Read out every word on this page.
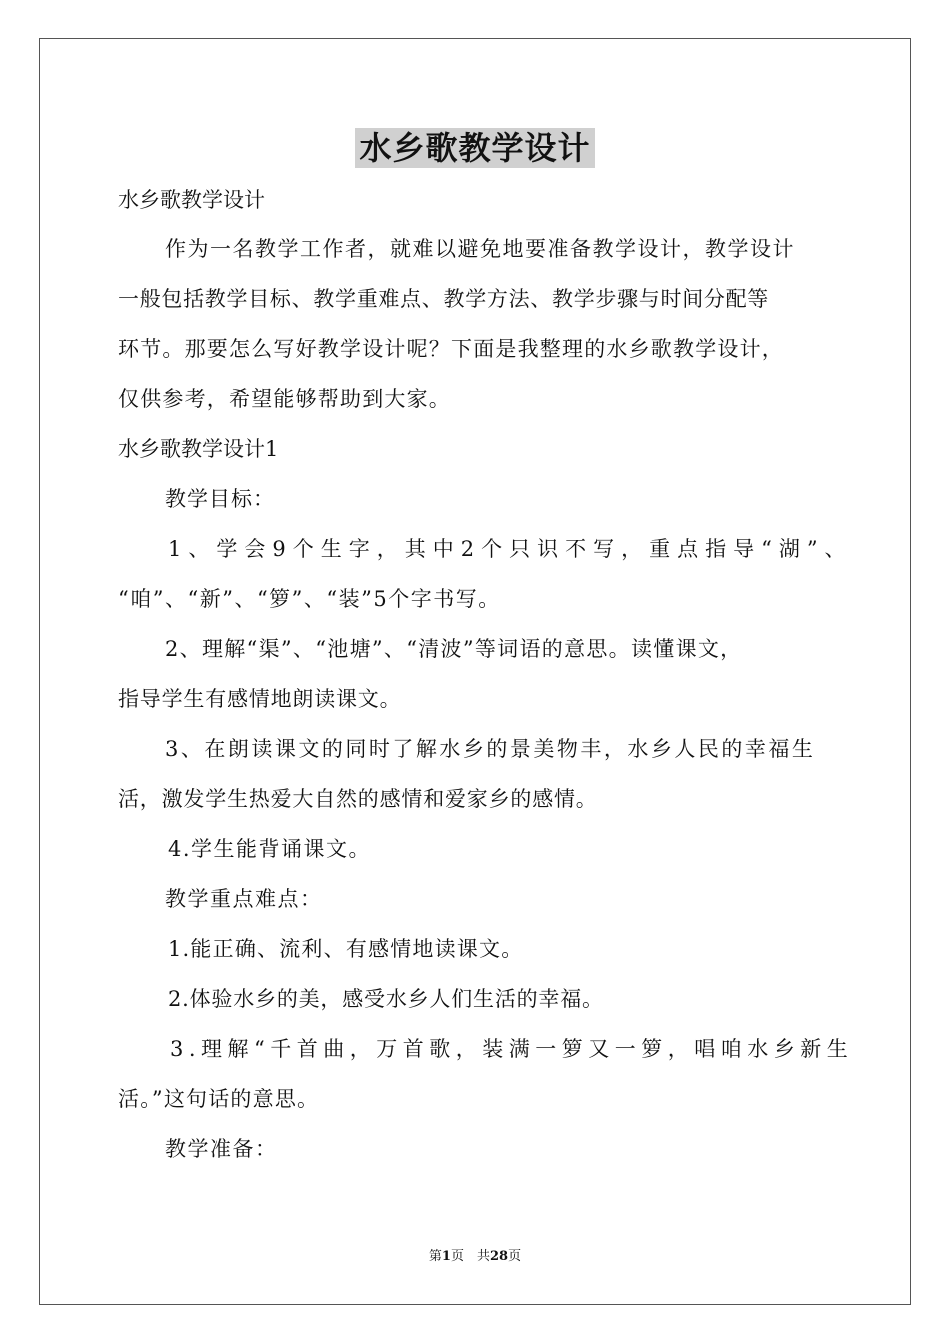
水乡歌教学设计
水乡歌教学设计
作为一名教学工作者，就难以避免地要准备教学设计，教学设计
一般包括教学目标、教学重难点、教学方法、教学步骤与时间分配等
环节。那要怎么写好教学设计呢？下面是我整理的水乡歌教学设计，
仅供参考，希望能够帮助到大家。
水乡歌教学设计1
教学目标：
1、学会9个生字，其中2个只识不写，重点指导“湖”、
“咱”、“新”、“箩”、“装”5个字书写。
2、理解“渠”、“池塘”、“清波”等词语的意思。读懂课文，
指导学生有感情地朗读课文。
3、在朗读课文的同时了解水乡的景美物丰，水乡人民的幸福生
活，激发学生热爱大自然的感情和爱家乡的感情。
4.学生能背诵课文。
教学重点难点：
1.能正确、流利、有感情地读课文。
2.体验水乡的美，感受水乡人们生活的幸福。
3.理解“千首曲，万首歌，装满一箩又一箩，唱咱水乡新生
活。”这句话的意思。
教学准备：
第1页　共28页
